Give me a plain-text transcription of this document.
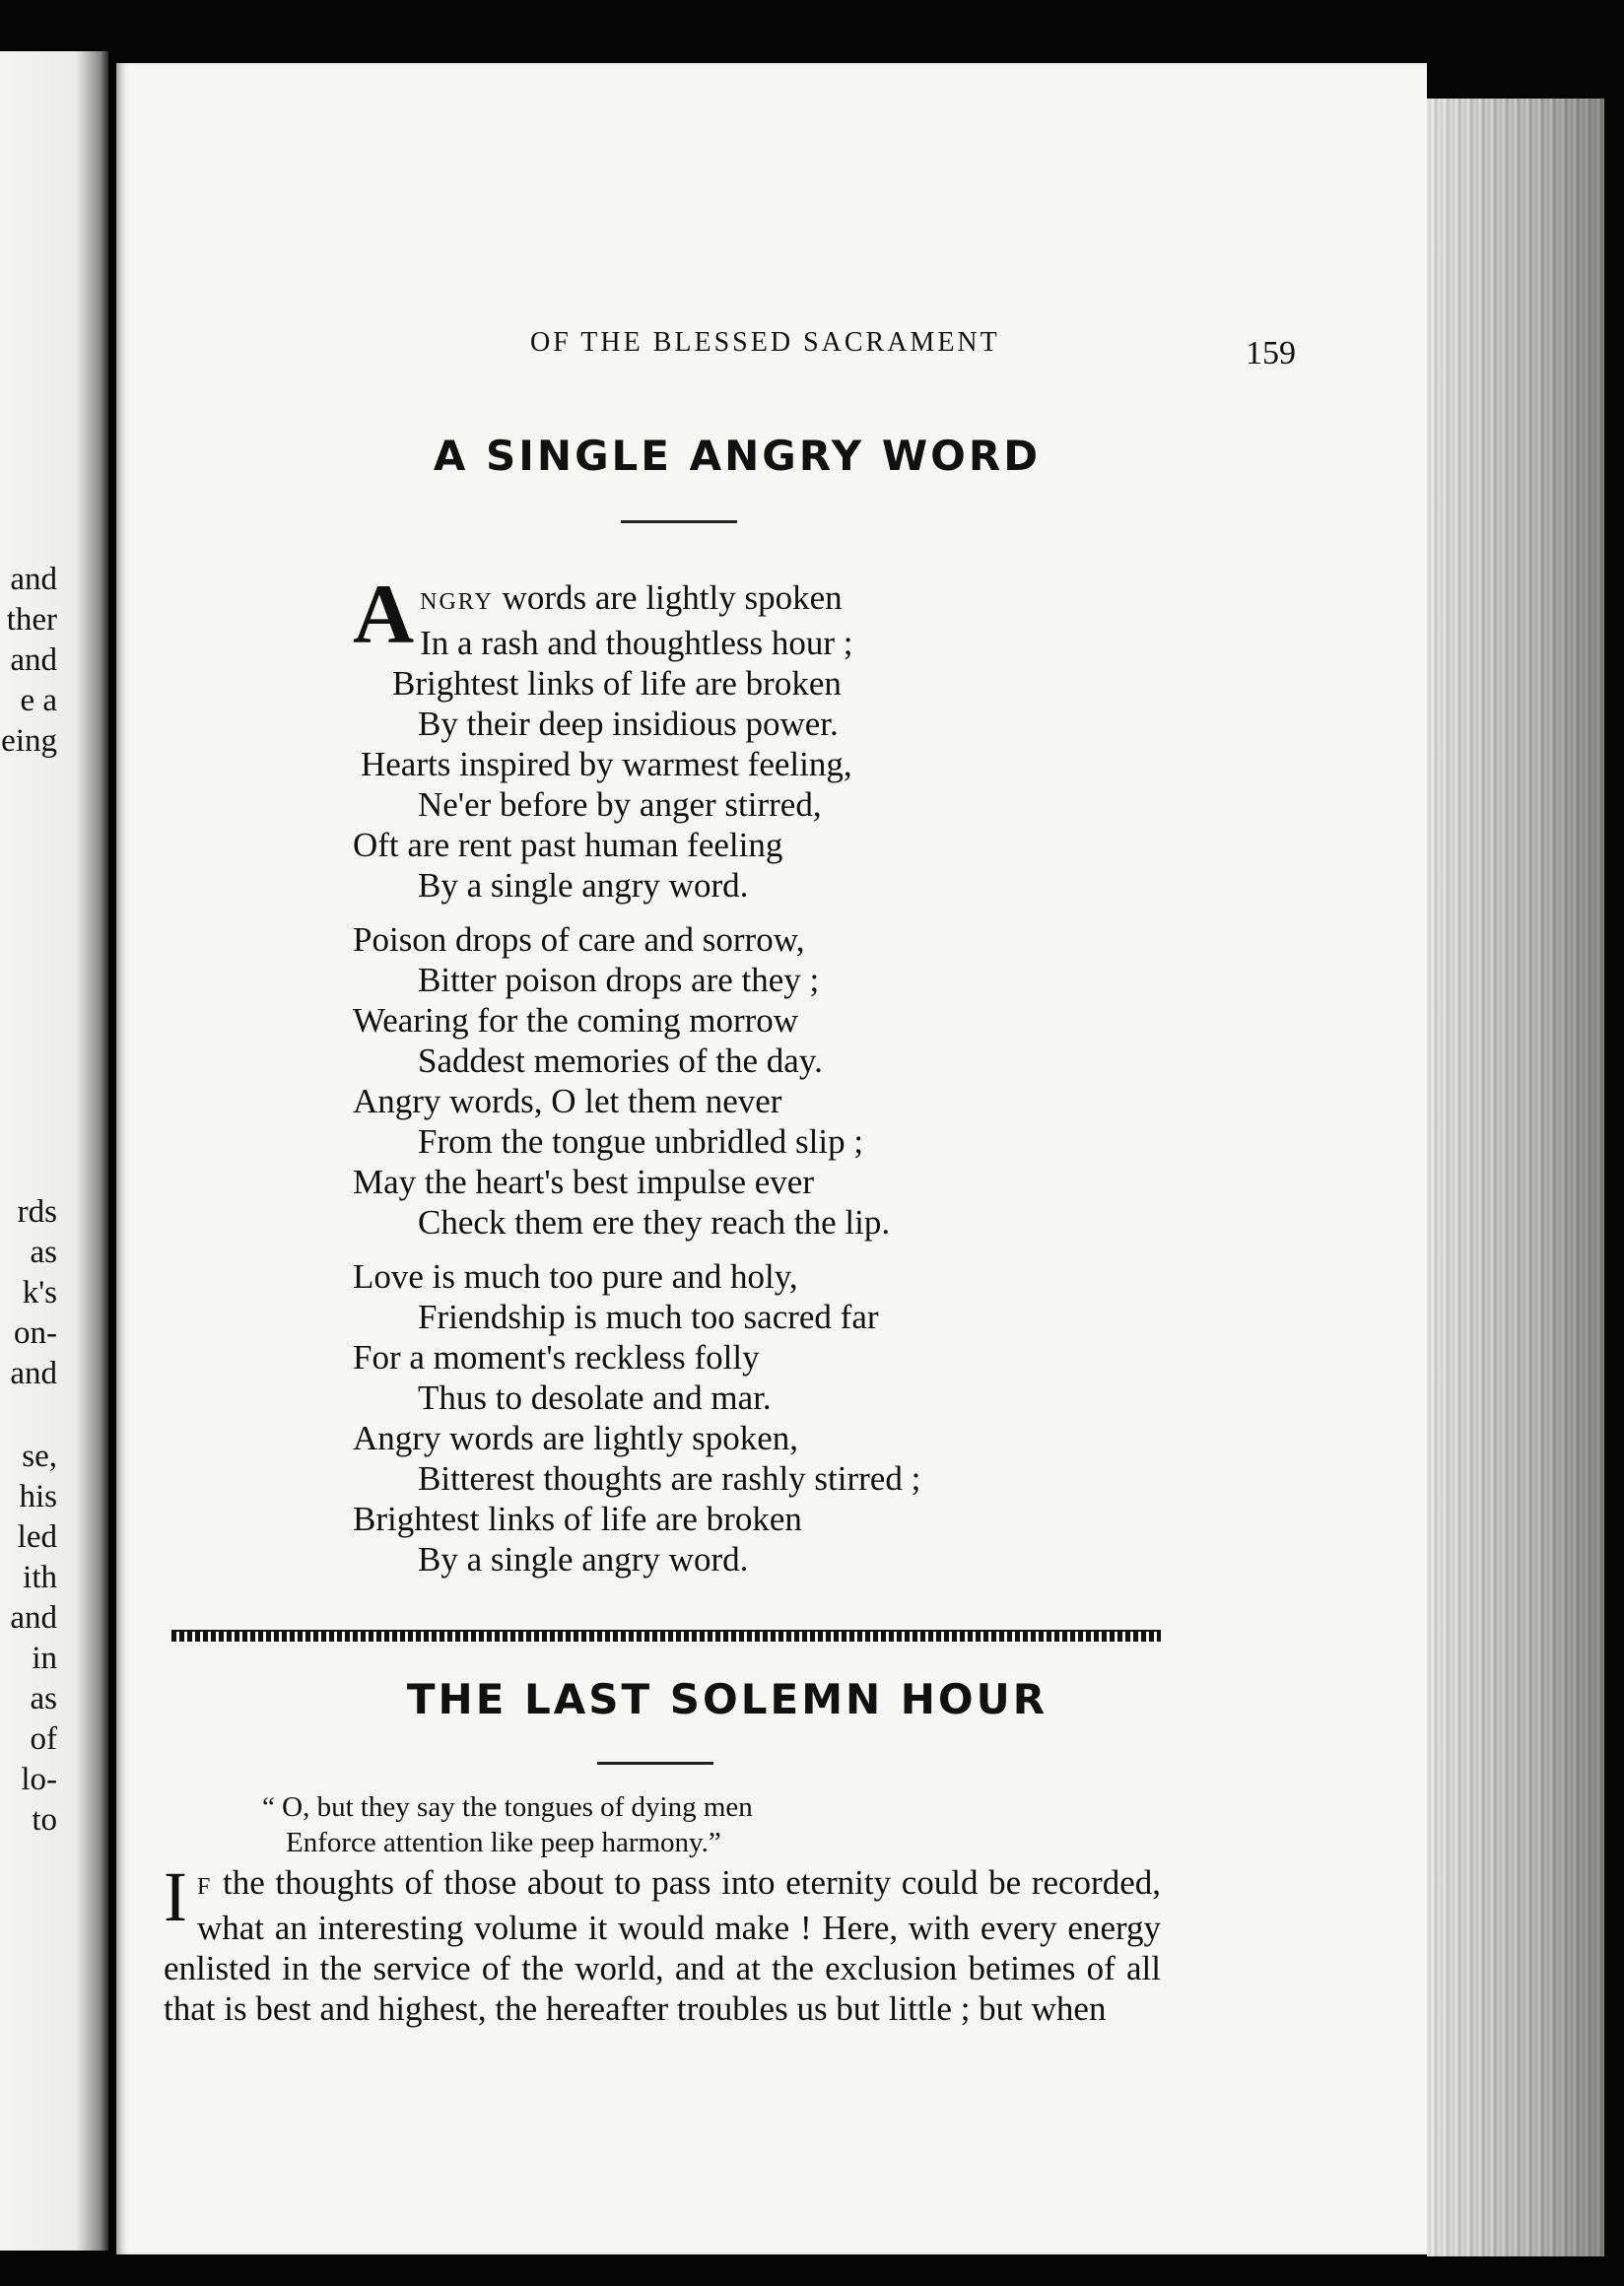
and
ther
and
e a
eing
rds
as
k's
on-
and
se,
his
led
ith
and
in
as
of
lo-
to
OF THE BLESSED SACRAMENT	159
A SINGLE ANGRY WORD
ANGRY words are lightly spoken
In a rash and thoughtless hour ;
Brightest links of life are broken
By their deep insidious power.
Hearts inspired by warmest feeling,
Ne'er before by anger stirred,
Oft are rent past human feeling
By a single angry word.
Poison drops of care and sorrow,
Bitter poison drops are they ;
Wearing for the coming morrow
Saddest memories of the day.
Angry words, O let them never
From the tongue unbridled slip ;
May the heart's best impulse ever
Check them ere they reach the lip.
Love is much too pure and holy,
Friendship is much too sacred far
For a moment's reckless folly
Thus to desolate and mar.
Angry words are lightly spoken,
Bitterest thoughts are rashly stirred ;
Brightest links of life are broken
By a single angry word.
THE LAST SOLEMN HOUR
“ O, but they say the tongues of dying men
Enforce attention like peep harmony.”
I F the thoughts of those about to pass into eternity could be recorded, what an interesting volume it would make ! Here, with every energy enlisted in the service of the world, and at the exclusion betimes of all that is best and highest, the hereafter troubles us but little ; but when
